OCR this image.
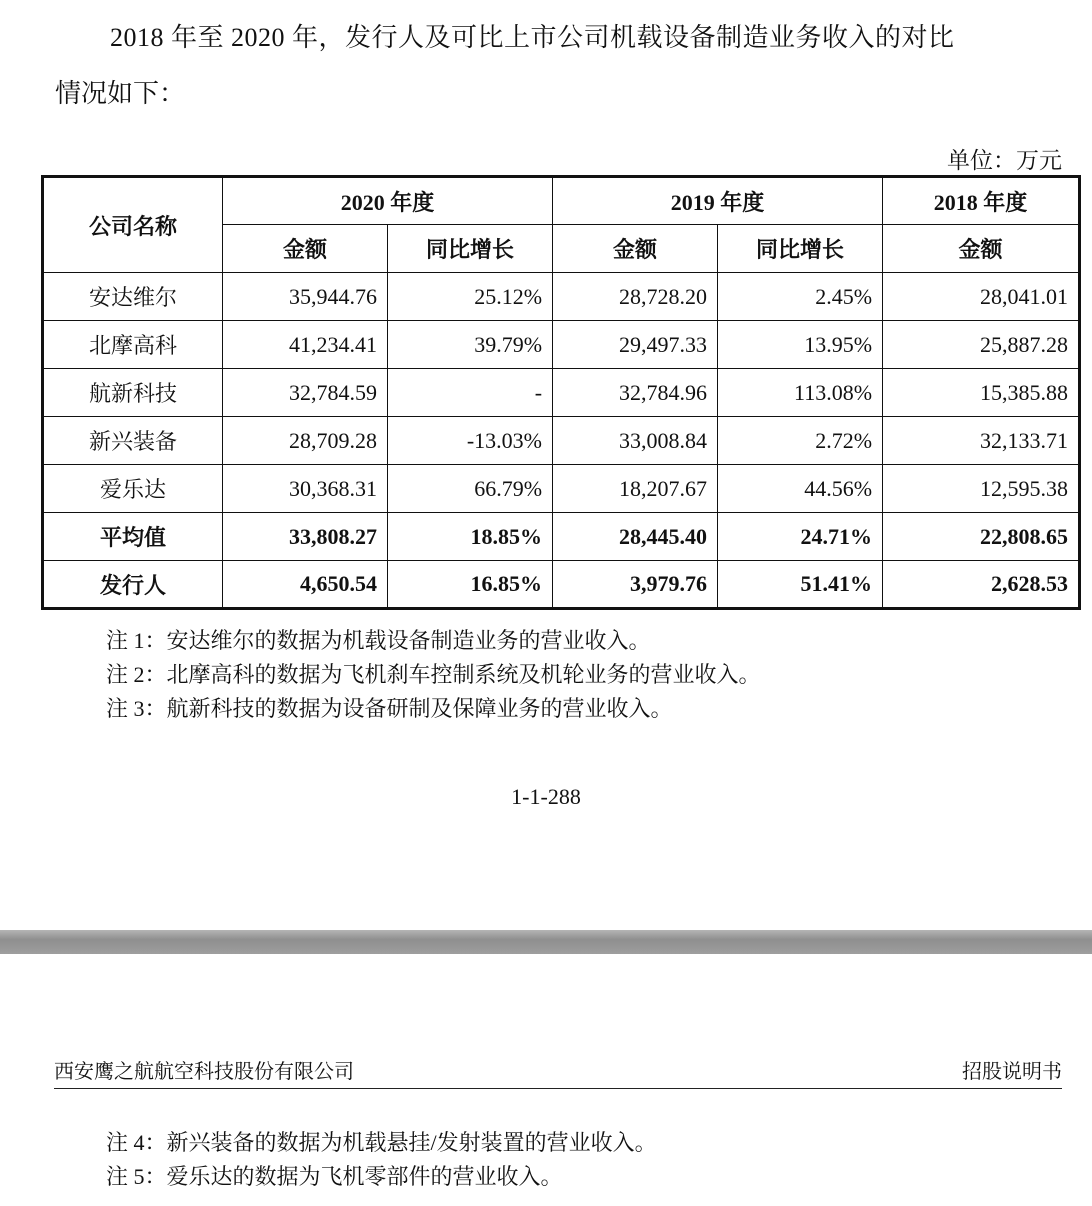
2018 年至 2020 年，发行人及可比上市公司机载设备制造业务收入的对比
情况如下：

单位：万元
公司名称	2020 年度		2019 年度		2018 年度
	金额	同比增长	金额	同比增长	金额
安达维尔	35,944.76	25.12%	28,728.20	2.45%	28,041.01
北摩高科	41,234.41	39.79%	29,497.33	13.95%	25,887.28
航新科技	32,784.59	-	32,784.96	113.08%	15,385.88
新兴装备	28,709.28	-13.03%	33,008.84	2.72%	32,133.71
爱乐达	30,368.31	66.79%	18,207.67	44.56%	12,595.38
平均值	33,808.27	18.85%	28,445.40	24.71%	22,808.65
发行人	4,650.54	16.85%	3,979.76	51.41%	2,628.53
注 1：安达维尔的数据为机载设备制造业务的营业收入。
注 2：北摩高科的数据为飞机刹车控制系统及机轮业务的营业收入。
注 3：航新科技的数据为设备研制及保障业务的营业收入。
1-1-288
西安鹰之航航空科技股份有限公司	招股说明书
注 4：新兴装备的数据为机载悬挂/发射装置的营业收入。
注 5：爱乐达的数据为飞机零部件的营业收入。
